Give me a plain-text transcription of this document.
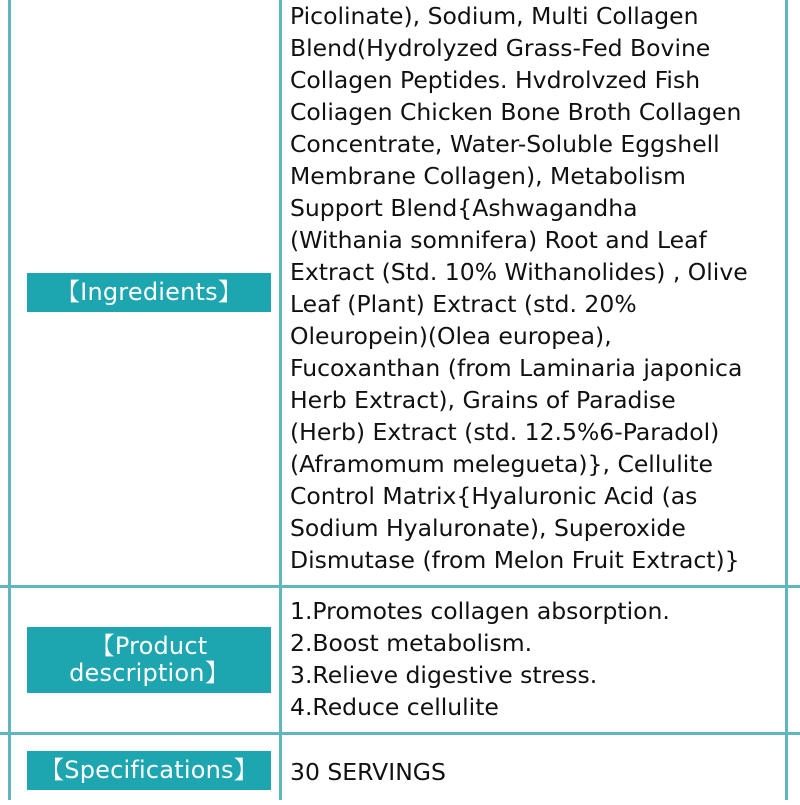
【Ingredients】

Picolinate), Sodium, Multi Collagen

Blend(Hydrolyzed Grass-Fed Bovine

Collagen Peptides. Hvdrolvzed Fish

Coliagen Chicken Bone Broth Collagen

Concentrate, Water-Soluble Eggshell

Membrane Collagen), Metabolism

Support Blend{Ashwagandha

(Withania somnifera) Root and Leaf

Extract (Std. 10% Withanolides) , Olive

Leaf (Plant) Extract (std. 20%

Oleuropein)(Olea europea),

Fucoxanthan (from Laminaria japonica

Herb Extract), Grains of Paradise

(Herb) Extract (std. 12.5%6-Paradol)

(Aframomum melegueta)}, Cellulite

Control Matrix{Hyaluronic Acid (as

Sodium Hyaluronate), Superoxide

Dismutase (from Melon Fruit Extract)}

【Product
description】

1.Promotes collagen absorption.

2.Boost metabolism.

3.Relieve digestive stress.

4.Reduce cellulite

【Specifications】	30 SERVINGS
